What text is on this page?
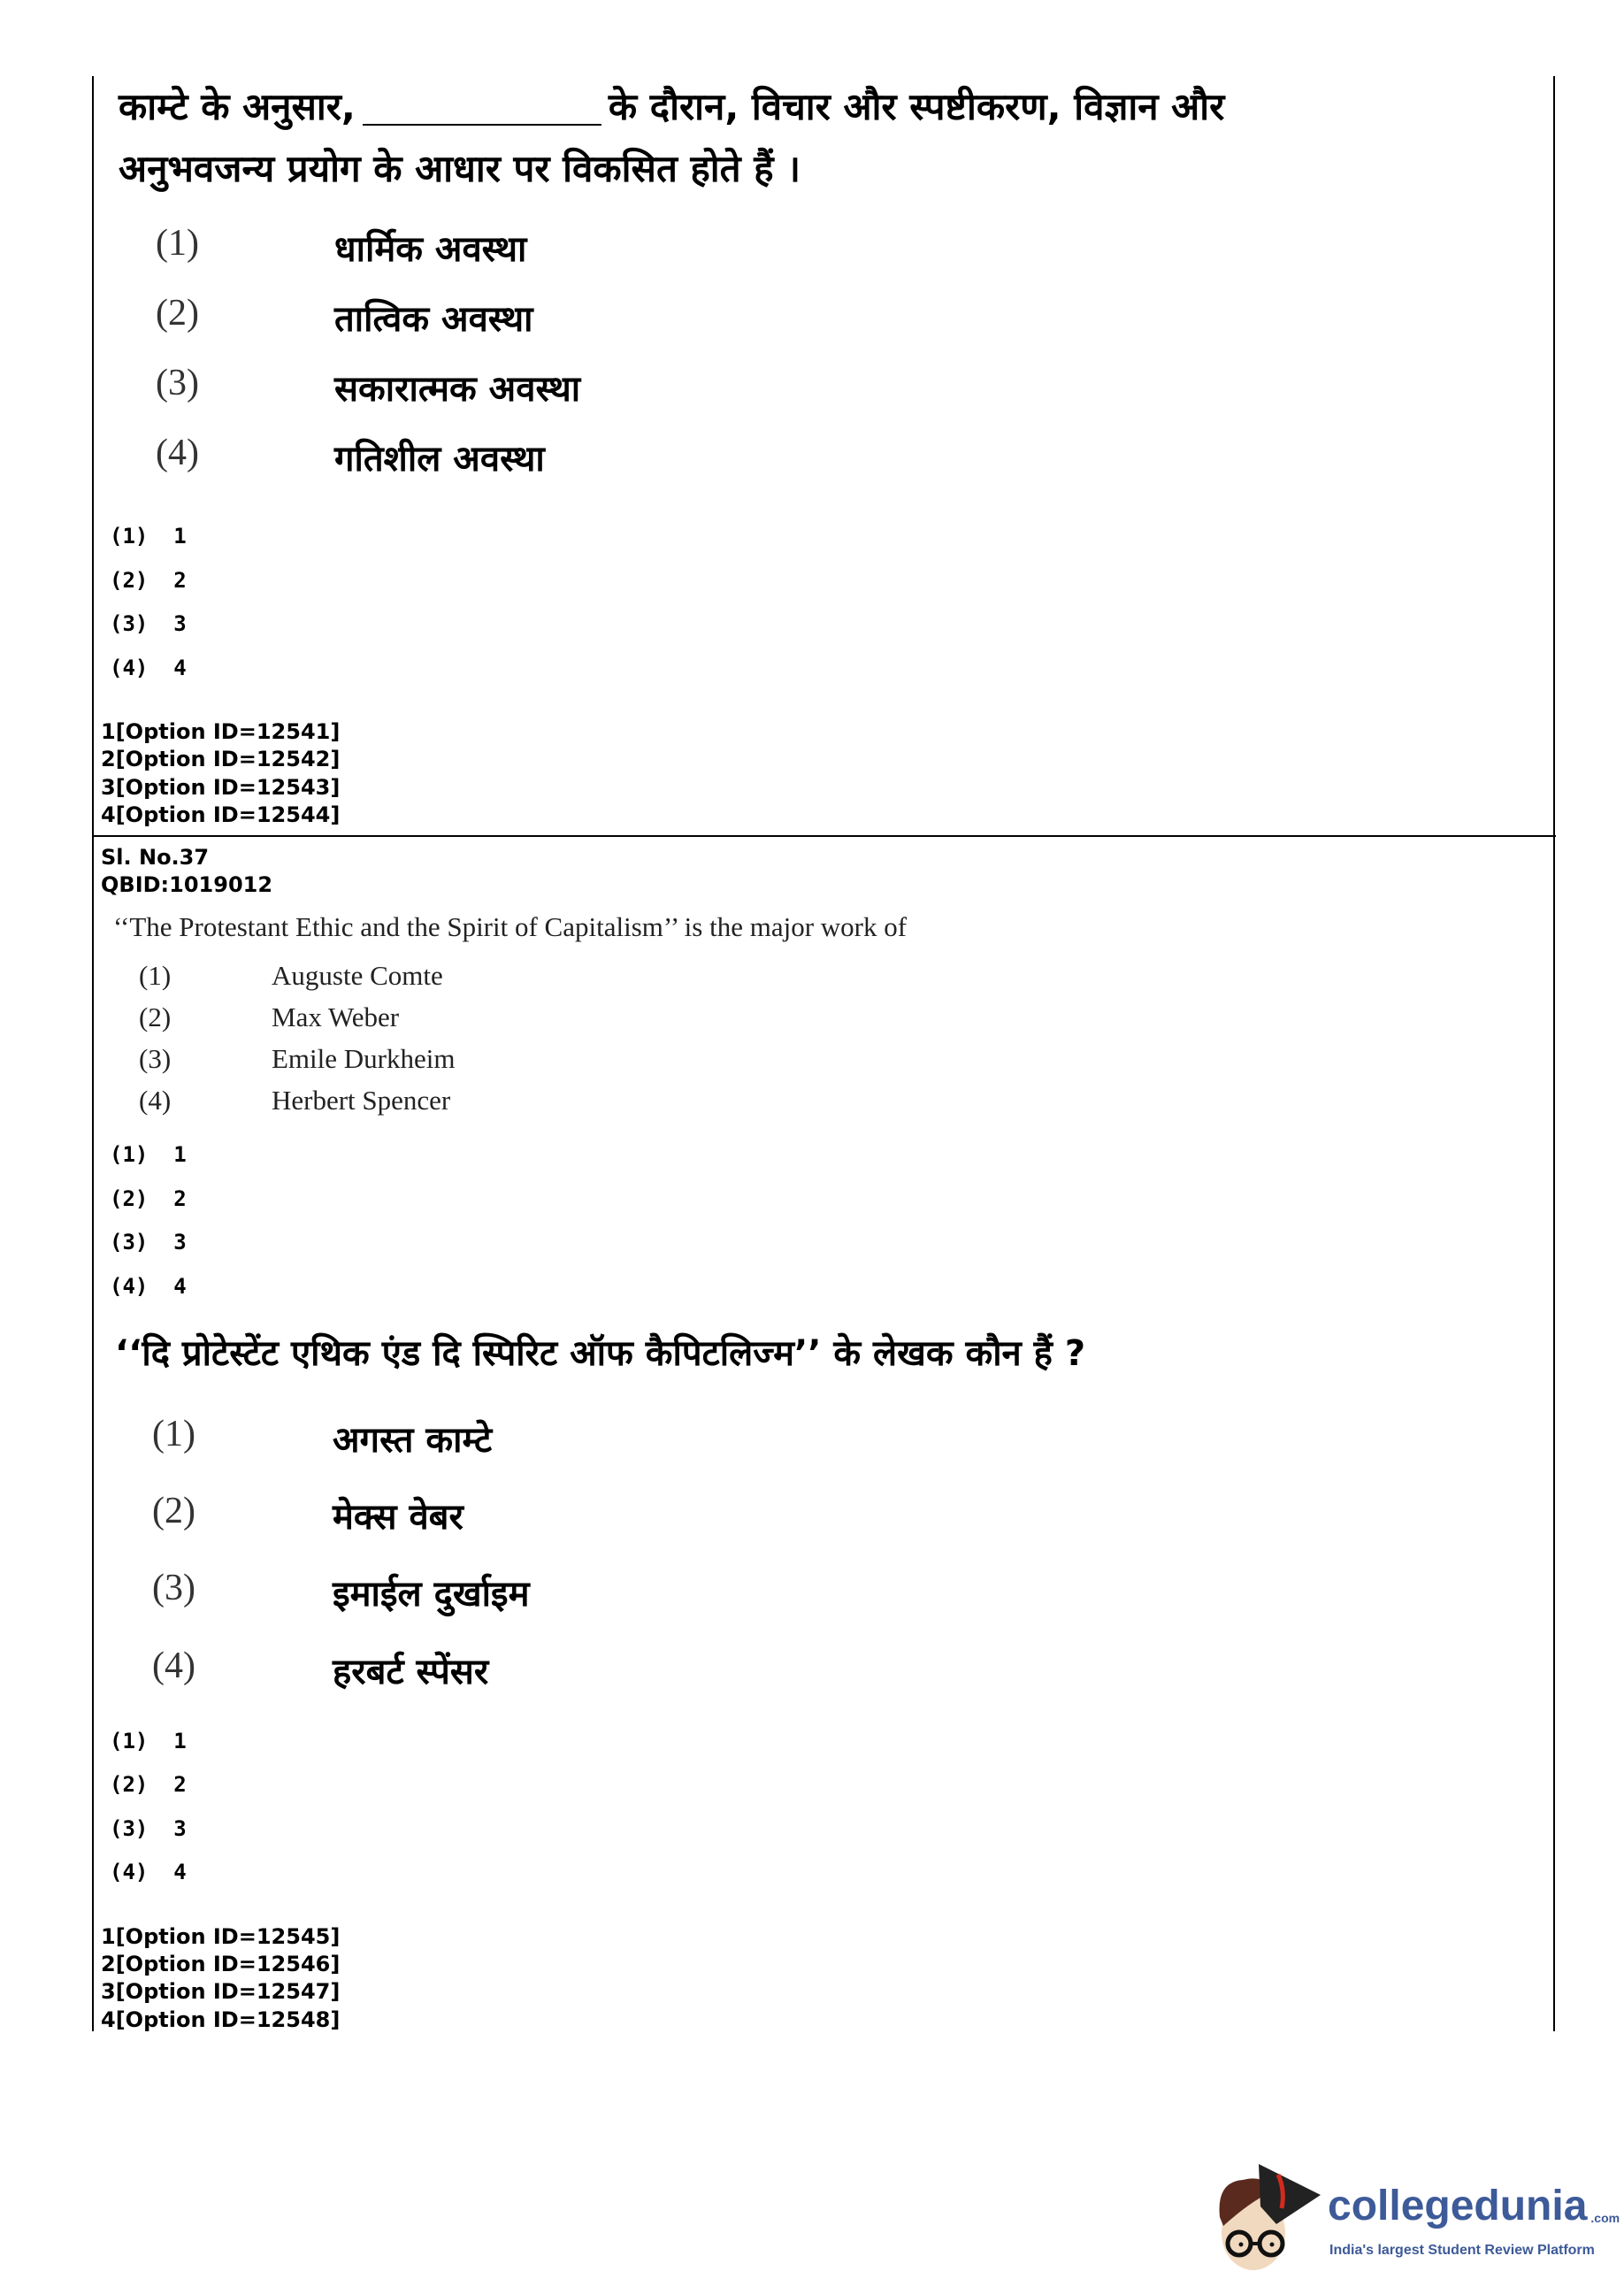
काम्टे के अनुसार,	के दौरान, विचार और स्पष्टीकरण, विज्ञान और
अनुभवजन्य प्रयोग के आधार पर विकसित होते हैं ।
(1)	धार्मिक अवस्था
(2)	तात्विक अवस्था
(3)	सकारात्मक अवस्था
(4)	गतिशील अवस्था
(1)  1
(2)  2
(3)  3
(4)  4
1[Option ID=12541]
2[Option ID=12542]
3[Option ID=12543]
4[Option ID=12544]
Sl. No.37
QBID:1019012
‘‘The Protestant Ethic and the Spirit of Capitalism’’ is the major work of
(1)	Auguste Comte
(2)	Max Weber
(3)	Emile Durkheim
(4)	Herbert Spencer
(1)  1
(2)  2
(3)  3
(4)  4
‘‘दि प्रोटेस्टेंट एथिक एंड दि स्पिरिट ऑफ कैपिटलिज्म’’ के लेखक कौन हैं ?
(1)	अगस्त काम्टे
(2)	मेक्स वेबर
(3)	इमाईल दुर्खाइम
(4)	हरबर्ट स्पेंसर
(1)  1
(2)  2
(3)  3
(4)  4
1[Option ID=12545]
2[Option ID=12546]
3[Option ID=12547]
4[Option ID=12548]
collegedunia .com
India's largest Student Review Platform
